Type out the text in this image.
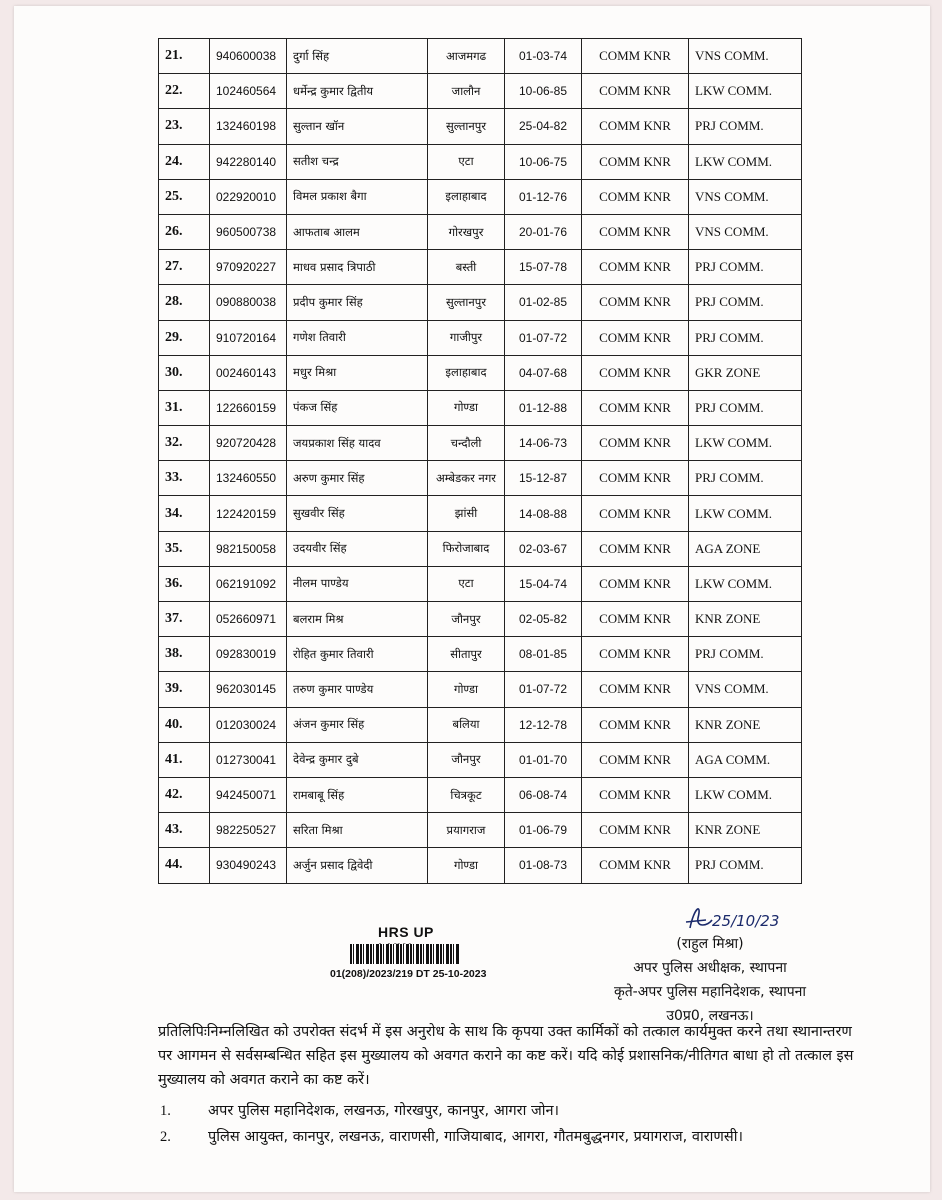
21.	940600038	दुर्गा सिंह	आजमगढ	01-03-74	COMM KNR	VNS COMM.
22.	102460564	धर्मेन्द्र कुमार द्वितीय	जालौन	10-06-85	COMM KNR	LKW COMM.
23.	132460198	सुल्तान खॉन	सुल्तानपुर	25-04-82	COMM KNR	PRJ COMM.
24.	942280140	सतीश चन्द्र	एटा	10-06-75	COMM KNR	LKW COMM.
25.	022920010	विमल प्रकाश बैगा	इलाहाबाद	01-12-76	COMM KNR	VNS COMM.
26.	960500738	आफताब आलम	गोरखपुर	20-01-76	COMM KNR	VNS COMM.
27.	970920227	माधव प्रसाद त्रिपाठी	बस्ती	15-07-78	COMM KNR	PRJ COMM.
28.	090880038	प्रदीप कुमार सिंह	सुल्तानपुर	01-02-85	COMM KNR	PRJ COMM.
29.	910720164	गणेश तिवारी	गाजीपुर	01-07-72	COMM KNR	PRJ COMM.
30.	002460143	मधुर मिश्रा	इलाहाबाद	04-07-68	COMM KNR	GKR ZONE
31.	122660159	पंकज सिंह	गोण्डा	01-12-88	COMM KNR	PRJ COMM.
32.	920720428	जयप्रकाश सिंह यादव	चन्दौली	14-06-73	COMM KNR	LKW COMM.
33.	132460550	अरुण कुमार सिंह	अम्बेडकर नगर	15-12-87	COMM KNR	PRJ COMM.
34.	122420159	सुखवीर सिंह	झांसी	14-08-88	COMM KNR	LKW COMM.
35.	982150058	उदयवीर सिंह	फिरोजाबाद	02-03-67	COMM KNR	AGA ZONE
36.	062191092	नीलम पाण्डेय	एटा	15-04-74	COMM KNR	LKW COMM.
37.	052660971	बलराम मिश्र	जौनपुर	02-05-82	COMM KNR	KNR ZONE
38.	092830019	रोहित कुमार तिवारी	सीतापुर	08-01-85	COMM KNR	PRJ COMM.
39.	962030145	तरुण कुमार पाण्डेय	गोण्डा	01-07-72	COMM KNR	VNS COMM.
40.	012030024	अंजन कुमार सिंह	बलिया	12-12-78	COMM KNR	KNR ZONE
41.	012730041	देवेन्द्र कुमार दुबे	जौनपुर	01-01-70	COMM KNR	AGA COMM.
42.	942450071	रामबाबू सिंह	चित्रकूट	06-08-74	COMM KNR	LKW COMM.
43.	982250527	सरिता मिश्रा	प्रयागराज	01-06-79	COMM KNR	KNR ZONE
44.	930490243	अर्जुन प्रसाद द्विवेदी	गोण्डा	01-08-73	COMM KNR	PRJ COMM.
HRS UP
01(208)/2023/219 DT 25-10-2023
25/10/23
(राहुल मिश्रा)
अपर पुलिस अधीक्षक, स्थापना
कृते-अपर पुलिस महानिदेशक, स्थापना
उ0प्र0, लखनऊ।
प्रतिलिपिःनिम्नलिखित को उपरोक्त संदर्भ में इस अनुरोध के साथ कि कृपया उक्त कार्मिकों को तत्काल कार्यमुक्त करने तथा स्थानान्तरण पर आगमन से सर्वसम्बन्धित सहित इस मुख्यालय को अवगत कराने का कष्ट करें। यदि कोई प्रशासनिक/नीतिगत बाधा हो तो तत्काल इस मुख्यालय को अवगत कराने का कष्ट करें।
1.	अपर पुलिस महानिदेशक, लखनऊ, गोरखपुर, कानपुर, आगरा जोन।
2.	पुलिस आयुक्त, कानपुर, लखनऊ, वाराणसी, गाजियाबाद, आगरा, गौतमबुद्धनगर, प्रयागराज, वाराणसी।
